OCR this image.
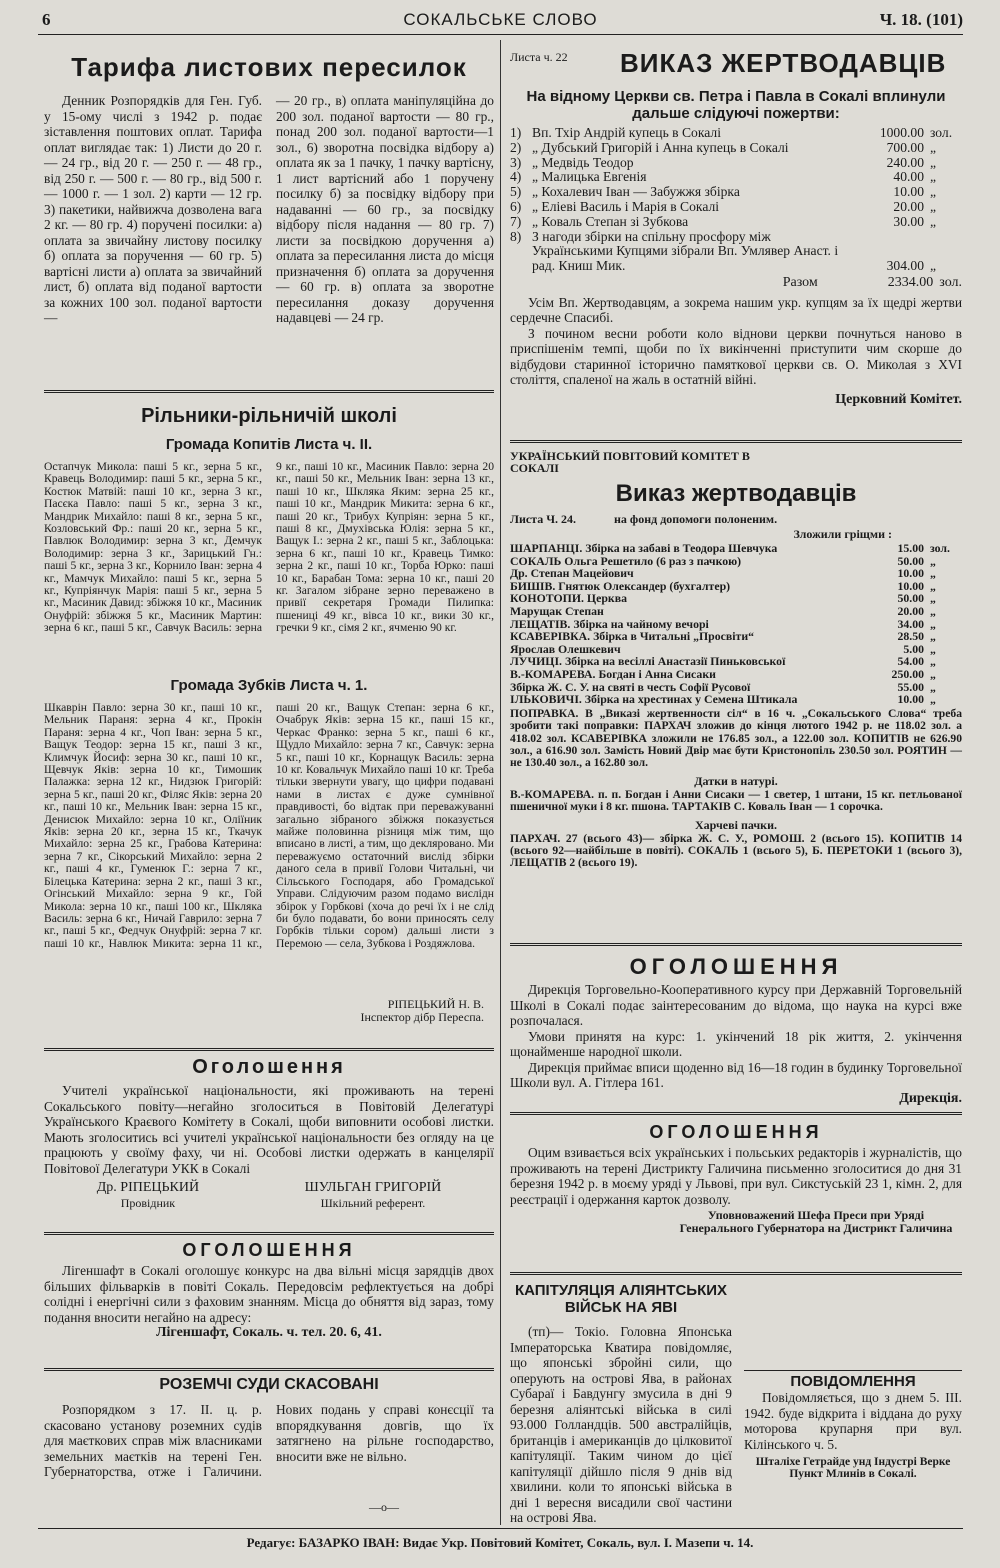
6	СОКАЛЬСЬКЕ СЛОВО	Ч. 18. (101)
Тарифа листових пересилок

Денник Розпорядків для Ген. Губ. у 15-ому числі з 1942 р. подає зіставлення поштових оплат. Тарифа оплат виглядає так: 1) Листи до 20 г. — 24 гр., від 20 г. — 250 г. — 48 гр., від 250 г. — 500 г. — 80 гр., від 500 г. — 1000 г. — 1 зол. 2) карти — 12 гр. 3) пакетики, найвижча дозволена вага 2 кг. — 80 гр. 4) поручені посилки: а) оплата за звичайну листову посилку б) оплата за поручення — 60 гр. 5) вартісні листи а) оплата за звичайний лист, б) оплата від поданої вартости за кожних 100 зол. поданої вартости —

— 20 гр., в) оплата маніпуляційна до 200 зол. поданої вартости — 80 гр., понад 200 зол. поданої вартости—1 зол., 6) зворотна посвідка відбору а) оплата як за 1 пачку, 1 пачку вартісну, 1 лист вартісний або 1 поручену посилку б) за посвідку відбору при надаванні — 60 гр., за посвідку відбору після надання — 80 гр. 7) листи за посвідкою доручення а) оплата за пересилання листа до місця призначення б) оплата за доручення — 60 гр. в) оплата за зворотне пересилання доказу доручення надавцеві — 24 гр.

Рільники-рільничій школі
Громада Копитів Листа ч. II.
Остапчук Микола: паші 5 кг., зерна 5 кг., Кравець Володимир: паші 5 кг., зерна 5 кг., Костюк Матвій: паші 10 кг., зерна 3 кг., Пасєка Павло: паші 5 кг., зерна 3 кг., Мандрик Михайло: паші 8 кг., зерна 5 кг., Козловський Фр.: паші 20 кг., зерна 5 кг., Павлюк Володимир: зерна 3 кг., Демчук Володимир: зерна 3 кг., Зарицький Гн.: паші 5 кг., зерна 3 кг., Корнило Іван: зерна 4 кг., Мамчук Михайло: паші 5 кг., зерна 5 кг., Купріянчук Марія: паші 5 кг., зерна 5 кг., Масиник Давид: збіжжя 10 кг., Масиник Онуфрій: збіжжя 5 кг., Масиник Мартин: зерна 6 кг., паші 5 кг., Савчук Василь: зерна 9 кг., паші 10 кг., Масиник Павло: зерна 20 кг., паші 50 кг., Мельник Іван: зерна 13 кг., паші 10 кг., Шкляка Яким: зерна 25 кг., паші 10 кг., Мандрик Микита: зерна 6 кг., паші 20 кг., Трибух Купріян: зерна 5 кг., паші 8 кг., Дмухівська Юлія: зерна 5 кг., Ващук І.: зерна 2 кг., паші 5 кг., Заблоцька: зерна 6 кг., паші 10 кг., Кравець Тимко: зерна 2 кг., паші 10 кг., Торба Юрко: паші 10 кг., Барабан Тома: зерна 10 кг., паші 20 кг. Загалом зібране зерно переважено в привії секретаря Громади Пилипка: пшениці 49 кг., вівса 10 кг., вики 30 кг., гречки 9 кг., сімя 2 кг., ячменю 90 кг.
Громада Зубків Листа ч. 1.
Шкаврін Павло: зерна 30 кг., паші 10 кг., Мельник Параня: зерна 4 кг., Прокін Параня: зерна 4 кг., Чоп Іван: зерна 5 кг., Ващук Теодор: зерна 15 кг., паші 3 кг., Климчук Йосиф: зерна 30 кг., паші 10 кг., Щевчук Яків: зерна 10 кг., Тимошик Палажка: зерна 12 кг., Нидзюк Григорій: зерна 5 кг., паші 20 кг., Філяс Яків: зерна 20 кг., паші 10 кг., Мельник Іван: зерна 15 кг., Денисюк Михайло: зерна 10 кг., Оліїник Яків: зерна 20 кг., зерна 15 кг., Ткачук Михайло: зерна 25 кг., Грабова Катерина: зерна 7 кг., Сікорський Михайло: зерна 2 кг., паші 4 кг., Гуменюк Г.: зерна 7 кг., Білецька Катерина: зерна 2 кг., паші 3 кг., Огінський Михайло: зерна 9 кг., Гой Микола: зерна 10 кг., паші 100 кг., Шкляка Василь: зерна 6 кг., Ничай Гаврило: зерна 7 кг., паші 5 кг., Федчук Онуфрій: зерна 7 кг. паші 10 кг., Навлюк Микита: зерна 11 кг., паші 20 кг., Ващук Степан: зерна 6 кг., Очабрук Яків: зерна 15 кг., паші 15 кг., Черкас Франко: зерна 5 кг., паші 6 кг., Щудло Михайло: зерна 7 кг., Савчук: зерна 5 кг., паші 10 кг., Корнащук Василь: зерна 10 кг. Ковальчук Михайло паші 10 кг. Треба тільки звернути увагу, що цифри подавані нами в листах є дуже сумнівної правдивості, бо відтак при переважуванні загально зібраного збіжжя показується майже половинна різниця між тим, що вписано в листі, а тим, що деклярованo. Ми переважуємо остаточний вислід збірки даного села в привії Голови Читальні, чи Сільського Господаря, або Громадської Управи. Слідуючим разом подамо вислідн збірок у Горбкові (хоча до речі їх і не слід би було подавати, бо вони приносять селу Горбків тільки сором) дальші листи з Перемою — села, Зубкова і Роздяжлова.
РІПЕЦЬКИЙ Н. В.
Інспектор дібр Переспа.
Оголошення

Учителі української національности, які проживають на терені Сокальського повіту—негайно зголоситься в Повітовій Делегатурі Українського Краєвого Комітету в Сокалі, щоби виповнити особові листки. Мають зголоситись всі учителі української національности без огляду на це працюють у своїму фаху, чи ні. Особові листки одержать в канцелярії Повітової Делегатури УКК в Сокалі

Др. РІПЕЦЬКИЙ
Провідник
ШУЛЬГАН ГРИГОРІЙ
Шкільний референт.
ОГОЛОШЕННЯ

Лігеншафт в Сокалі оголошує конкурс на два вільні місця зарядців двох більших фільварків в повіті Сокаль. Передовсім рефлектується на добрі солідні і енергічні сили з фаховим знанням. Місца до обняття від зараз, тому подання вносити негайно на адресу:

Лігеншафт, Сокаль. ч. тел. 20. 6, 41.

РОЗЕМЧІ СУДИ СКАСОВАНІ
Розпорядком з 17. II. ц. р. скасовано установу роземних судів для маєткових справ між власниками земельних маєтків на терені Ген. Губернаторства, отже і Галичини. Нових подань у справі конєсції та впорядкування довгів, що їх затягнено на рільне господарство, вносити вже не вільно.
—о—
Листа ч. 22 ВИКАЗ ЖЕРТВОДАВЦІВ

На відному Церкви св. Петра і Павла в Сокалі вплинули дальше слідуючі пожертви:

1)	Вп. Тхір Андрій купець в Сокалі	1000.00	зол.
2)	„ Дубський Григорій і Анна купець в Сокалі	700.00	„
3)	„ Медвідь Теодор	240.00	„
4)	„ Малицька Евгенія	40.00	„
5)	„ Кохалевич Іван — Забужжя збірка	10.00	„
6)	„ Еліеві Василь і Марія в Сокалі	20.00	„
7)	„ Коваль Степан зі Зубкова	30.00	„
8)	З нагоди збірки на спільну просфору між Українськими Купцями зібрали Вп. Умлявер Анаст. і рад. Книш Мик.	304.00	„
Разом	2334.00 зол.

Усім Вп. Жертводавцям, а зокрема нашим укр. купцям за їх щедрі жертви сердечне Спасибі.

З почином весни роботи коло віднови церкви почнуться наново в приспішенім темпі, щоби по їх викінченні приступити чим скорше до відбудови старинної історично памяткової церкви св. О. Миколая з XVI століття, спаленої на жаль в остатній війні.

Церковний Комітет.

УКРАЇНСЬКИЙ ПОВІТОВИЙ КОМІТЕТ В СОКАЛІ

Виказ жертводавців
Листа Ч. 24.	на фонд допомоги полоненим.

Зложили гріщми :

ШАРПАНЦІ. Збірка на забаві в Теодора Шевчука	15.00	зол.
СОКАЛЬ Ольга Решетило (6 раз з пачкою)	50.00	„
Др. Степан Мацейович	10.00	„
БИШІВ. Гнятюк Олександер (бухгалтер)	10.00	„
КОНОТОПИ. Церква	50.00	„
Марущак Степан	20.00	„
ЛЕЩАТІВ. Збірка на чайному вечорі	34.00	„
КСАВЕРІВКА. Збірка в Читальні „Просвіти“	28.50	„
Ярослав Олешкевич	5.00	„
ЛУЧИЦІ. Збірка на весіллі Анастазії Пиньковської	54.00	„
В.-КОМАРЕВА. Богдан і Анна Сисаки	250.00	„
Збірка Ж. С. У. на святі в честь Софії Русової	55.00	„
ІЛЬКОВИЧІ. Збірка на хрестинах у Семена Штикала	10.00	„

ПОПРАВКА. В „Виказі жертвенности сіл“ в 16 ч. „Сокальського Слова“ треба зробити такі поправки: ПАРХАЧ зложив до кінця лютого 1942 р. не 118.02 зол. а 418.02 зол. КСАВЕРІВКА зложили не 176.85 зол., а 122.00 зол. КОПИТІВ не 626.90 зол., а 616.90 зол. Замість Новий Двір має бути Кристонопіль 230.50 зол. РОЯТИН — не 130.40 зол., а 162.80 зол.

Датки в натурі.

В.-КОМАРЕВА. п. п. Богдан і Анни Сисаки — 1 светер, 1 штани, 15 кг. петльованої пшеничної муки і 8 кг. пшона. ТАРТАКІВ С. Коваль Іван — 1 сорочка.

Харчеві пачки.

ПАРХАЧ. 27 (всього 43)— збірка Ж. С. У., РОМОШ. 2 (всього 15). КОПИТІВ 14 (всього 92—найбільше в повіті). СОКАЛЬ 1 (всього 5), Б. ПЕРЕТОКИ 1 (всього 3), ЛЕЩАТІВ 2 (всього 19).

ОГОЛОШЕННЯ

Дирекція Торговельно-Кооперативного курсу при Державній Торговельній Школі в Сокалі подає заінтересованим до відома, що наука на курсі вже розпочалася.

Умови принятя на курс: 1. укінчений 18 рік життя, 2. укінчення щонайменше народної школи.

Дирекція приймає вписи щоденно від 16—18 годин в будинку Торговельної Школи вул. А. Гітлера 161.

Дирекція.

ОГОЛОШЕННЯ

Оцим взивається всіх українських і польських редакторів і журналістів, що проживають на терені Дистрикту Галичина письменно зголоситися до дня 31 березня 1942 р. в моєму уряді у Львові, при вул. Сикстуській 23 1, кімн. 2, для реєстрації і одержання карток дозволу.

Уповноважений Шефа Преси при Уряді Генерального Губернатора на Дистрикт Галичина

КАПІТУЛЯЦІЯ АЛІЯНТСЬКИХ ВІЙСЬК НА ЯВІ
(тп)— Токіо. Головна Японська Імператорська Кватира повідомляє, що японські збройні сили, що оперують на острові Ява, в районах Субараї і Бавдунгу змусила в дні 9 березня аліянтські війська в силі 93.000 Голландців. 500 австралійців, британців і американців до цілковитої капітуляції. Таким чином до цієї капітуляції дійшло після 9 днів від хвилини. коли то японські війська в дні 1 вересня висадили свої частини на острові Ява.
ПОВІДОМЛЕННЯ

Повідомляється, що з днем 5. III. 1942. буде відкрита і віддана до руху моторова крупарня при вул. Кілінського ч. 5.

Шталіхе Гетрайде унд Індустрі Верке Пункт Млинів в Сокалі.

Редагує: БАЗАРКО ІВАН: Видає Укр. Повітовий Комітет, Сокаль, вул. І. Мазепи ч. 14.
